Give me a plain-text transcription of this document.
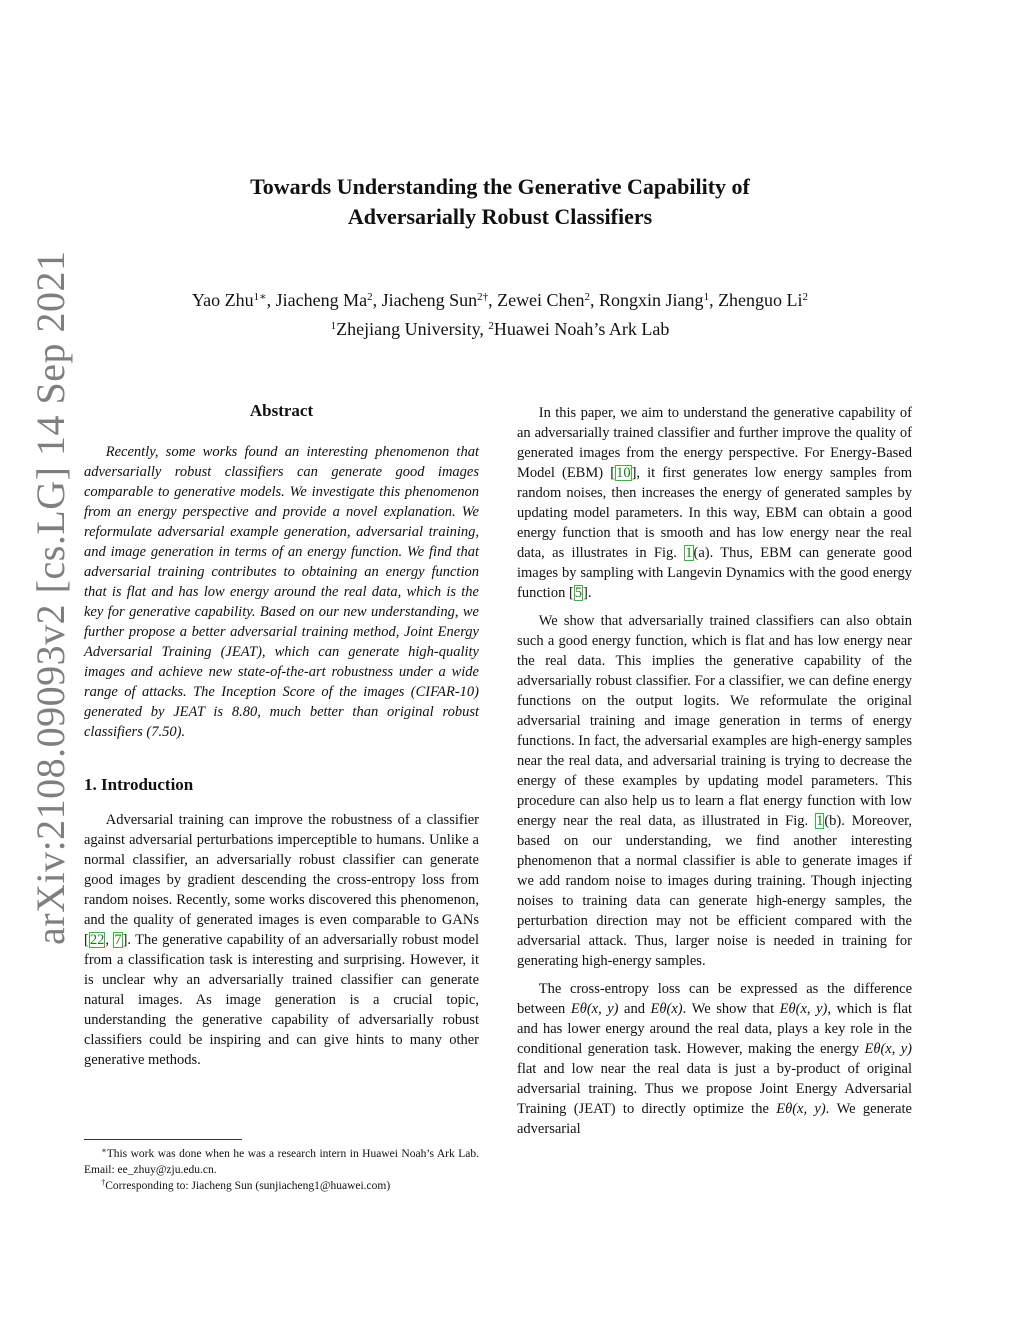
arXiv:2108.09093v2 [cs.LG] 14 Sep 2021
Towards Understanding the Generative Capability of
Adversarially Robust Classifiers
Yao Zhu$^{1∗}$, Jiacheng Ma$^2$, Jiacheng Sun$^{2\dagger}$, Zewei Chen$^2$, Rongxin Jiang$^1$, Zhenguo Li$^2$
$^1$Zhejiang University, $^2$Huawei Noah’s Ark Lab
Abstract

Recently, some works found an interesting phenomenon that adversarially robust classifiers can generate good images comparable to generative models. We investigate this phenomenon from an energy perspective and provide a novel explanation. We reformulate adversarial example generation, adversarial training, and image generation in terms of an energy function. We find that adversarial training contributes to obtaining an energy function that is flat and has low energy around the real data, which is the key for generative capability. Based on our new understanding, we further propose a better adversarial training method, Joint Energy Adversarial Training (JEAT), which can generate high-quality images and achieve new state-of-the-art robustness under a wide range of attacks. The Inception Score of the images (CIFAR-10) generated by JEAT is 8.80, much better than original robust classifiers (7.50).

1. Introduction

Adversarial training can improve the robustness of a classifier against adversarial perturbations imperceptible to humans. Unlike a normal classifier, an adversarially robust classifier can generate good images by gradient descending the cross-entropy loss from random noises. Recently, some works discovered this phenomenon, and the quality of generated images is even comparable to GANs [22, 7]. The generative capability of an adversarially robust model from a classification task is interesting and surprising. However, it is unclear why an adversarially trained classifier can generate natural images. As image generation is a crucial topic, understanding the generative capability of adversarially robust classifiers could be inspiring and can give hints to many other generative methods.

In this paper, we aim to understand the generative capability of an adversarially trained classifier and further improve the quality of generated images from the energy perspective. For Energy-Based Model (EBM) [10], it first generates low energy samples from random noises, then increases the energy of generated samples by updating model parameters. In this way, EBM can obtain a good energy function that is smooth and has low energy near the real data, as illustrates in Fig. 1(a). Thus, EBM can generate good images by sampling with Langevin Dynamics with the good energy function [5].

We show that adversarially trained classifiers can also obtain such a good energy function, which is flat and has low energy near the real data. This implies the generative capability of the adversarially robust classifier. For a classifier, we can define energy functions on the output logits. We reformulate the original adversarial training and image generation in terms of energy functions. In fact, the adversarial examples are high-energy samples near the real data, and adversarial training is trying to decrease the energy of these examples by updating model parameters. This procedure can also help us to learn a flat energy function with low energy near the real data, as illustrated in Fig. 1(b). Moreover, based on our understanding, we find another interesting phenomenon that a normal classifier is able to generate images if we add random noise to images during training. Though injecting noises to training data can generate high-energy samples, the perturbation direction may not be efficient compared with the adversarial attack. Thus, larger noise is needed in training for generating high-energy samples.

The cross-entropy loss can be expressed as the difference between Eθ(x, y) and Eθ(x). We show that Eθ(x, y), which is flat and has lower energy around the real data, plays a key role in the conditional generation task. However, making the energy Eθ(x, y) flat and low near the real data is just a by-product of original adversarial training. Thus we propose Joint Energy Adversarial Training (JEAT) to directly optimize the Eθ(x, y). We generate adversarial

∗This work was done when he was a research intern in Huawei Noah’s Ark Lab. Email: ee_zhuy@zju.edu.cn.

†Corresponding to: Jiacheng Sun (sunjiacheng1@huawei.com)
